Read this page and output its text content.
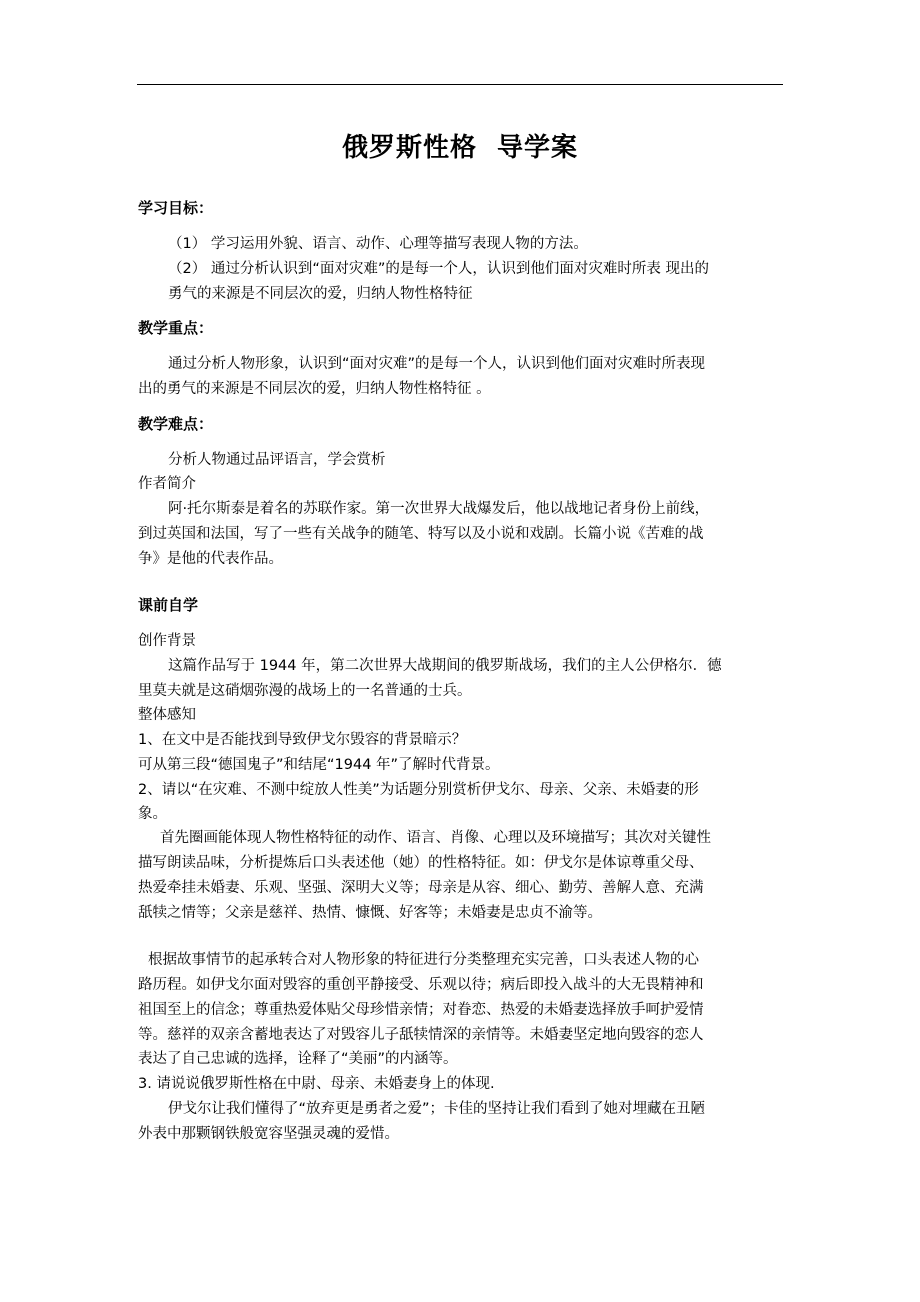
俄罗斯性格  导学案
学习目标：
（1） 学习运用外貌、语言、动作、心理等描写表现人物的方法。
（2） 通过分析认识到“面对灾难”的是每一个人，认识到他们面对灾难时所表 现出的
勇气的来源是不同层次的爱，归纳人物性格特征
教学重点：
通过分析人物形象，认识到“面对灾难”的是每一个人，认识到他们面对灾难时所表现
出的勇气的来源是不同层次的爱，归纳人物性格特征 。
教学难点：
分析人物通过品评语言，学会赏析
作者简介
阿·托尔斯泰是着名的苏联作家。第一次世界大战爆发后，他以战地记者身份上前线，
到过英国和法国，写了一些有关战争的随笔、特写以及小说和戏剧。长篇小说《苦难的战
争》是他的代表作品。
课前自学
创作背景
这篇作品写于 1944 年，第二次世界大战期间的俄罗斯战场，我们的主人公伊格尔．德
里莫夫就是这硝烟弥漫的战场上的一名普通的士兵。
整体感知
1、在文中是否能找到导致伊戈尔毁容的背景暗示？
可从第三段“德国鬼子”和结尾“1944 年”了解时代背景。
2、请以“在灾难、不测中绽放人性美”为话题分别赏析伊戈尔、母亲、父亲、未婚妻的形
象。
首先圈画能体现人物性格特征的动作、语言、肖像、心理以及环境描写；其次对关键性
描写朗读品味，分析提炼后口头表述他（她）的性格特征。如：伊戈尔是体谅尊重父母、
热爱牵挂未婚妻、乐观、坚强、深明大义等；母亲是从容、细心、勤劳、善解人意、充满
舐犊之情等；父亲是慈祥、热情、慷慨、好客等；未婚妻是忠贞不渝等。
根据故事情节的起承转合对人物形象的特征进行分类整理充实完善，口头表述人物的心
路历程。如伊戈尔面对毁容的重创平静接受、乐观以待；病后即投入战斗的大无畏精神和
祖国至上的信念；尊重热爱体贴父母珍惜亲情；对眷恋、热爱的未婚妻选择放手呵护爱情
等。慈祥的双亲含蓄地表达了对毁容儿子舐犊情深的亲情等。未婚妻坚定地向毁容的恋人
表达了自己忠诚的选择，诠释了“美丽”的内涵等。
3. 请说说俄罗斯性格在中尉、母亲、未婚妻身上的体现.
伊戈尔让我们懂得了“放弃更是勇者之爱”；卡佳的坚持让我们看到了她对埋藏在丑陋
外表中那颗钢铁般宽容坚强灵魂的爱惜。
